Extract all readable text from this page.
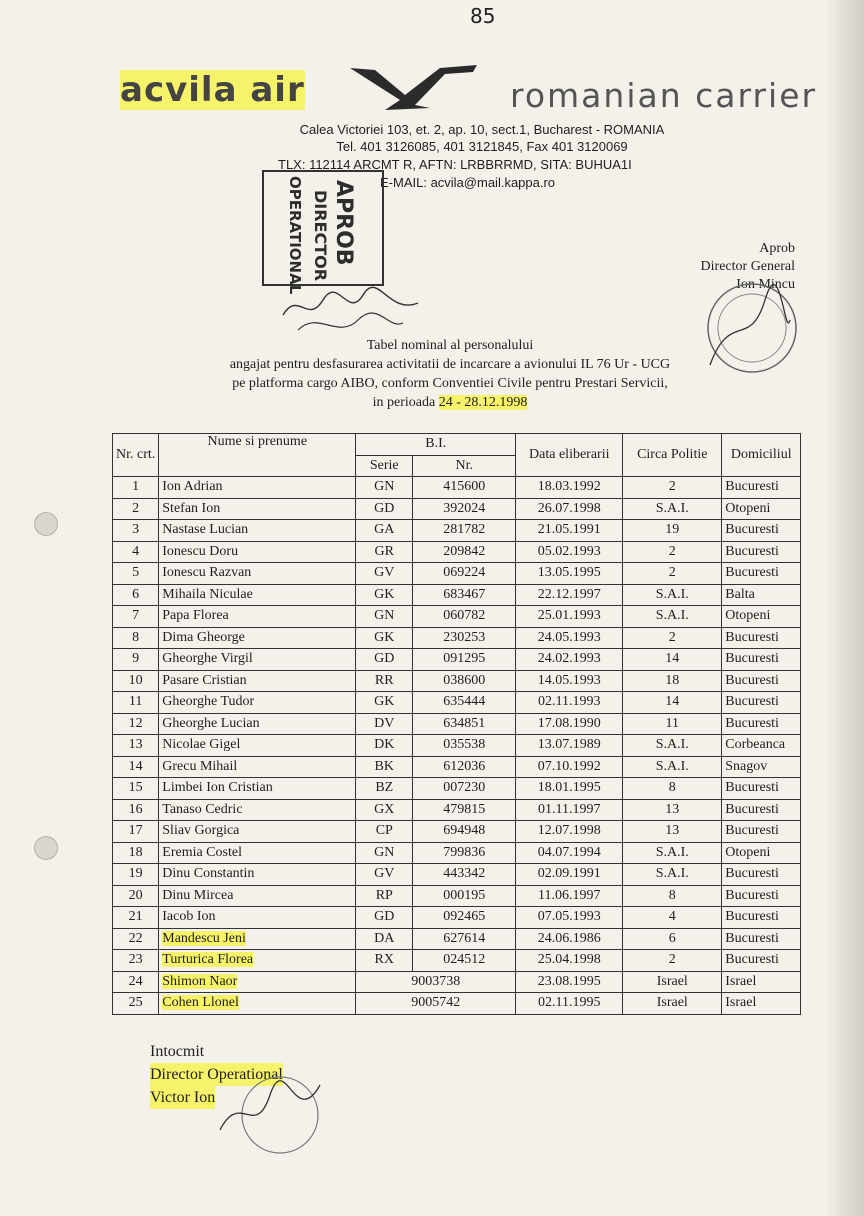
85
acvila air	romanian carrier
Calea Victoriei 103, et. 2, ap. 10, sect.1, Bucharest - ROMANIA
Tel. 401 3126085, 401 3121845, Fax 401 3120069
TLX: 112114 ARCMT R, AFTN: LRBBRRMD, SITA: BUHUA1I
E-MAIL: acvila@mail.kappa.ro
APROB
DIRECTOR
OPERATIONAL	Aprob
Director General
Ion Mincu
Tabel nominal al personalului
angajat pentru desfasurarea activitatii de incarcare a avionului IL 76 Ur - UCG
pe platforma cargo AIBO, conform Conventiei Civile pentru Prestari Servicii,
in perioada 24 - 28.12.1998
Nr. crt.	Nume si prenume	B.I.		Data eliberarii	Circa Politie	Domiciliul
		Serie	Nr.			
1	Ion Adrian	GN	415600	18.03.1992	2	Bucuresti
2	Stefan Ion	GD	392024	26.07.1998	S.A.I.	Otopeni
3	Nastase Lucian	GA	281782	21.05.1991	19	Bucuresti
4	Ionescu Doru	GR	209842	05.02.1993	2	Bucuresti
5	Ionescu Razvan	GV	069224	13.05.1995	2	Bucuresti
6	Mihaila Niculae	GK	683467	22.12.1997	S.A.I.	Balta
7	Papa Florea	GN	060782	25.01.1993	S.A.I.	Otopeni
8	Dima Gheorge	GK	230253	24.05.1993	2	Bucuresti
9	Gheorghe Virgil	GD	091295	24.02.1993	14	Bucuresti
10	Pasare Cristian	RR	038600	14.05.1993	18	Bucuresti
11	Gheorghe Tudor	GK	635444	02.11.1993	14	Bucuresti
12	Gheorghe Lucian	DV	634851	17.08.1990	11	Bucuresti
13	Nicolae Gigel	DK	035538	13.07.1989	S.A.I.	Corbeanca
14	Grecu Mihail	BK	612036	07.10.1992	S.A.I.	Snagov
15	Limbei Ion Cristian	BZ	007230	18.01.1995	8	Bucuresti
16	Tanaso Cedric	GX	479815	01.11.1997	13	Bucuresti
17	Sliav Gorgica	CP	694948	12.07.1998	13	Bucuresti
18	Eremia Costel	GN	799836	04.07.1994	S.A.I.	Otopeni
19	Dinu Constantin	GV	443342	02.09.1991	S.A.I.	Bucuresti
20	Dinu Mircea	RP	000195	11.06.1997	8	Bucuresti
21	Iacob Ion	GD	092465	07.05.1993	4	Bucuresti
22	Mandescu Jeni	DA	627614	24.06.1986	6	Bucuresti
23	Turturica Florea	RX	024512	25.04.1998	2	Bucuresti
24	Shimon Naor	9003738		23.08.1995	Israel	Israel
25	Cohen Llonel	9005742		02.11.1995	Israel	Israel
Intocmit
Director Operational
Victor Ion
